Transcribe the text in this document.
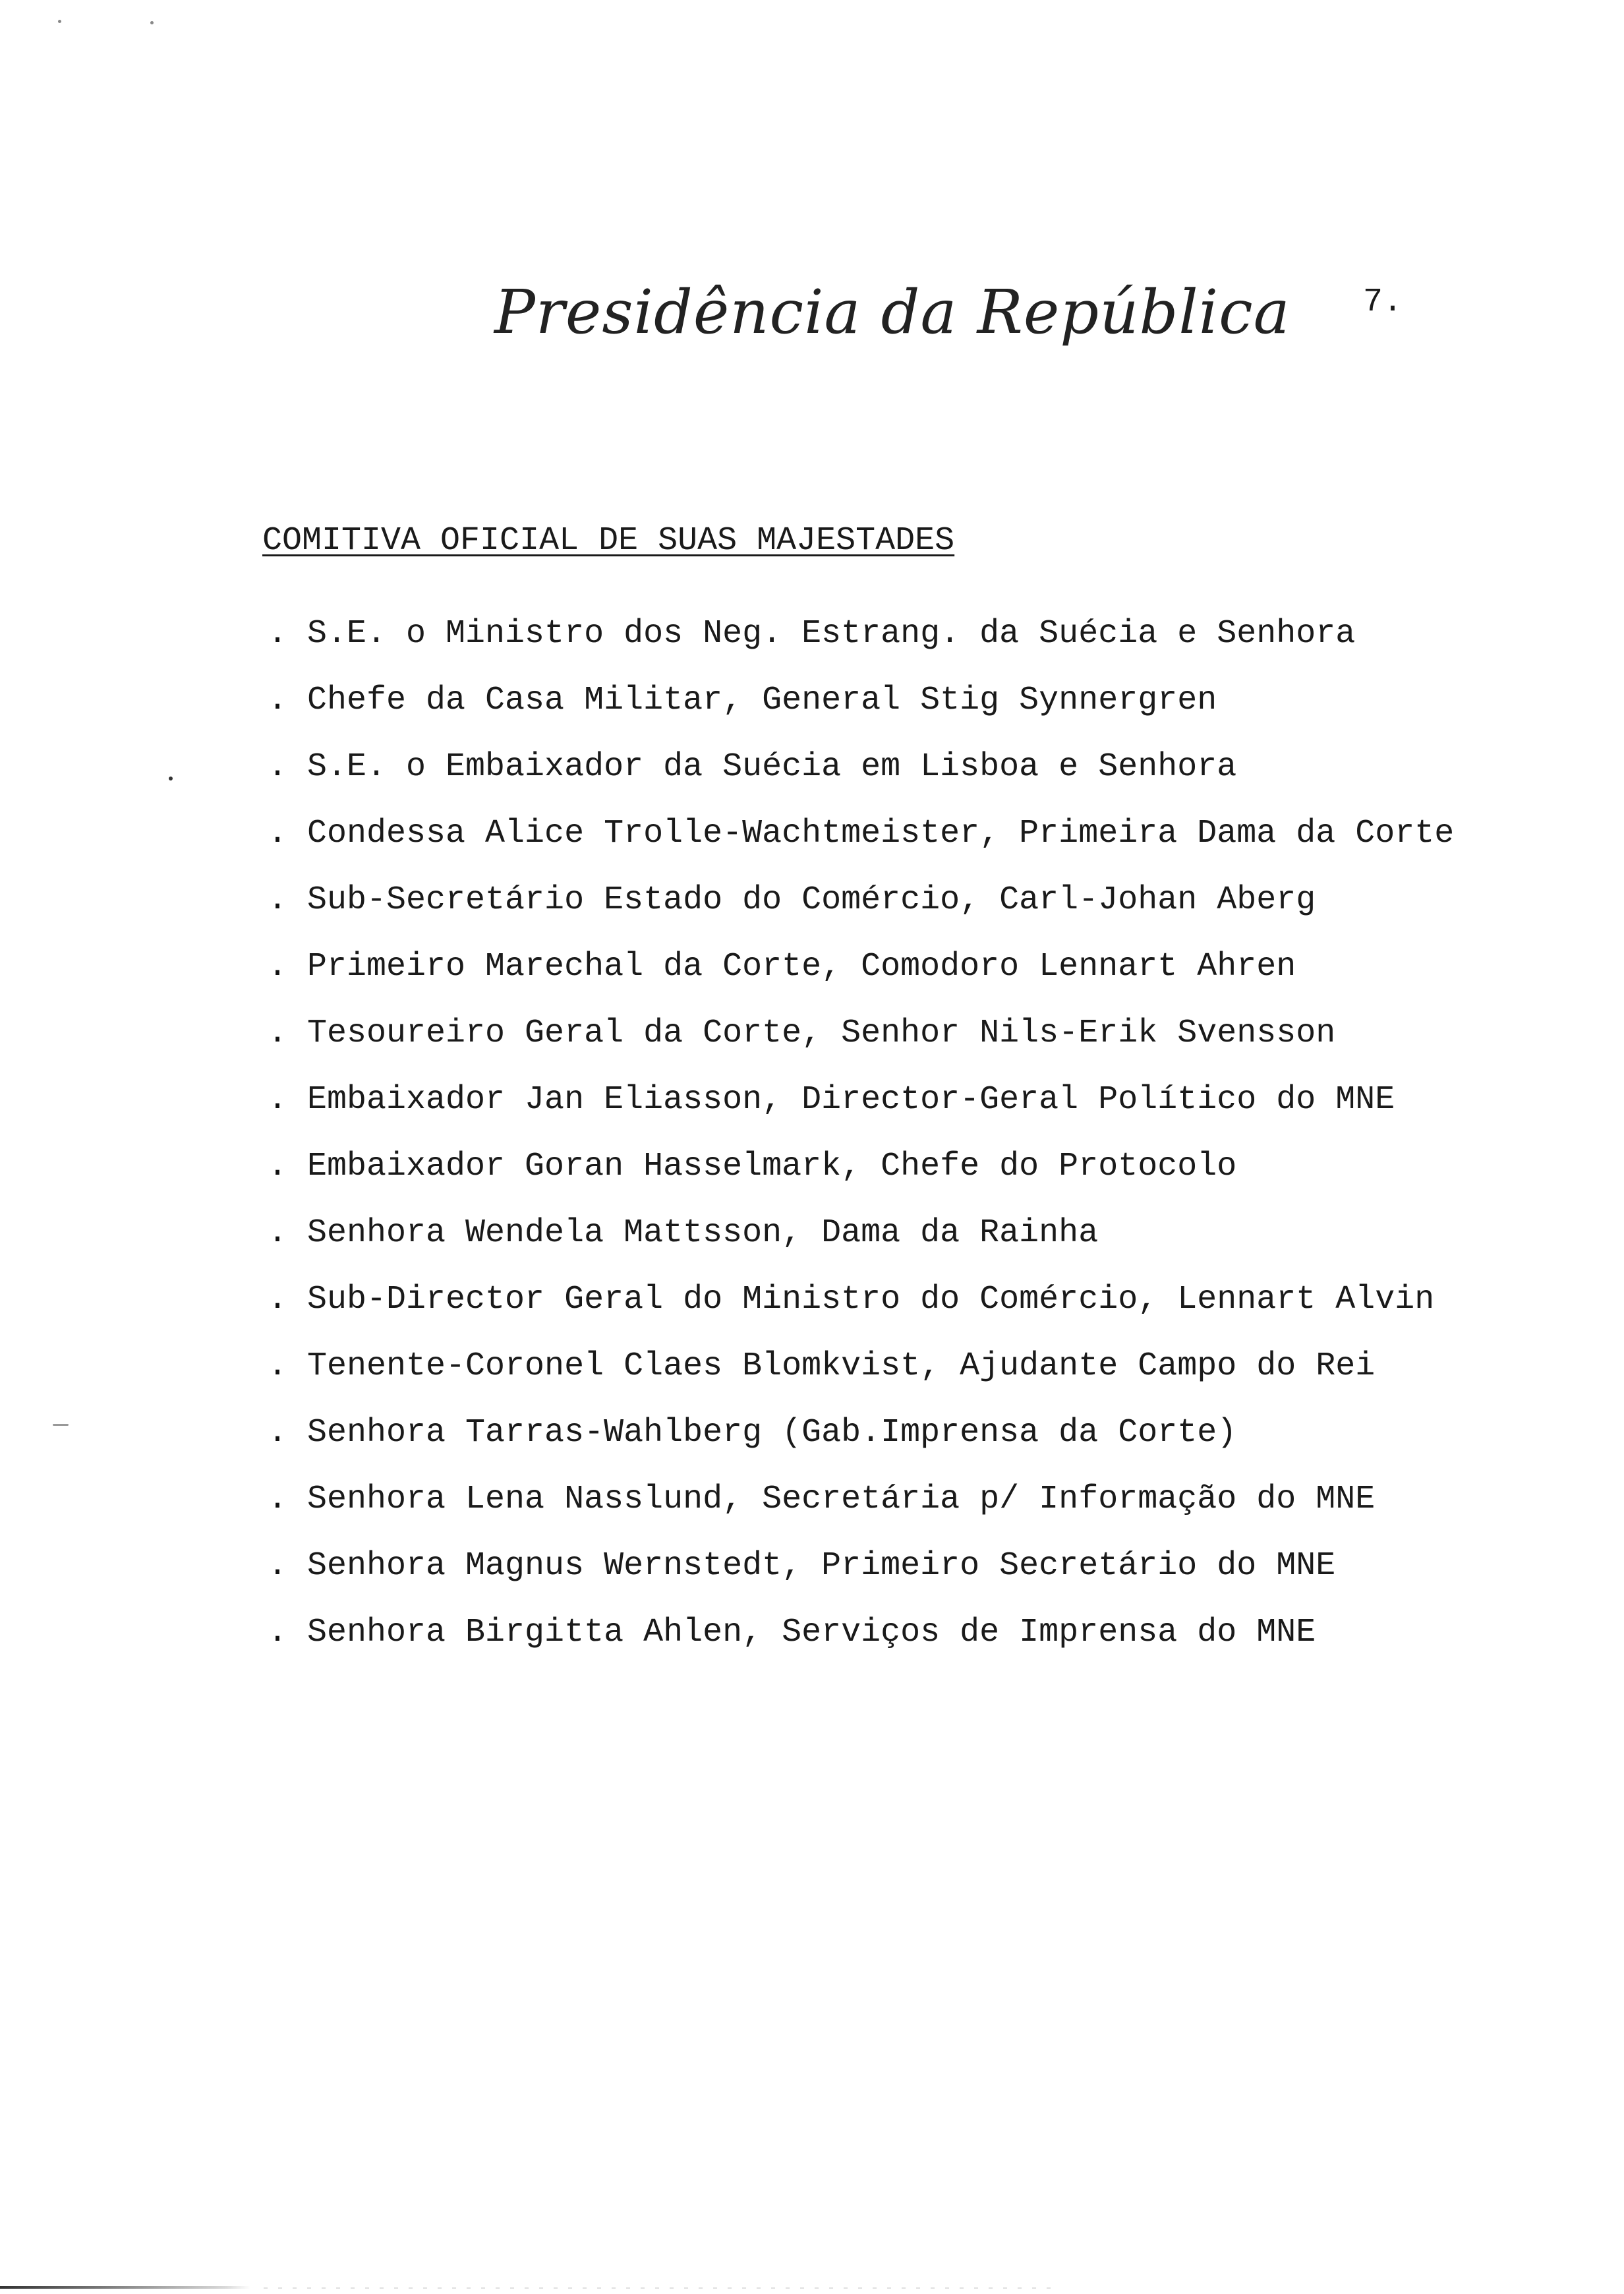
Presidência da República 7.
COMITIVA OFICIAL DE SUAS MAJESTADES
. S.E. o Ministro dos Neg. Estrang. da Suécia e Senhora
. Chefe da Casa Militar, General Stig Synnergren
. S.E. o Embaixador da Suécia em Lisboa e Senhora
. Condessa Alice Trolle-Wachtmeister, Primeira Dama da Corte
. Sub-Secretário Estado do Comércio, Carl-Johan Aberg
. Primeiro Marechal da Corte, Comodoro Lennart Ahren
. Tesoureiro Geral da Corte, Senhor Nils-Erik Svensson
. Embaixador Jan Eliasson, Director-Geral Político do MNE
. Embaixador Goran Hasselmark, Chefe do Protocolo
. Senhora Wendela Mattsson, Dama da Rainha
. Sub-Director Geral do Ministro do Comércio, Lennart Alvin
. Tenente-Coronel Claes Blomkvist, Ajudante Campo do Rei
. Senhora Tarras-Wahlberg (Gab.Imprensa da Corte)
. Senhora Lena Nasslund, Secretária p/ Informação do MNE
. Senhora Magnus Wernstedt, Primeiro Secretário do MNE
. Senhora Birgitta Ahlen, Serviços de Imprensa do MNE
